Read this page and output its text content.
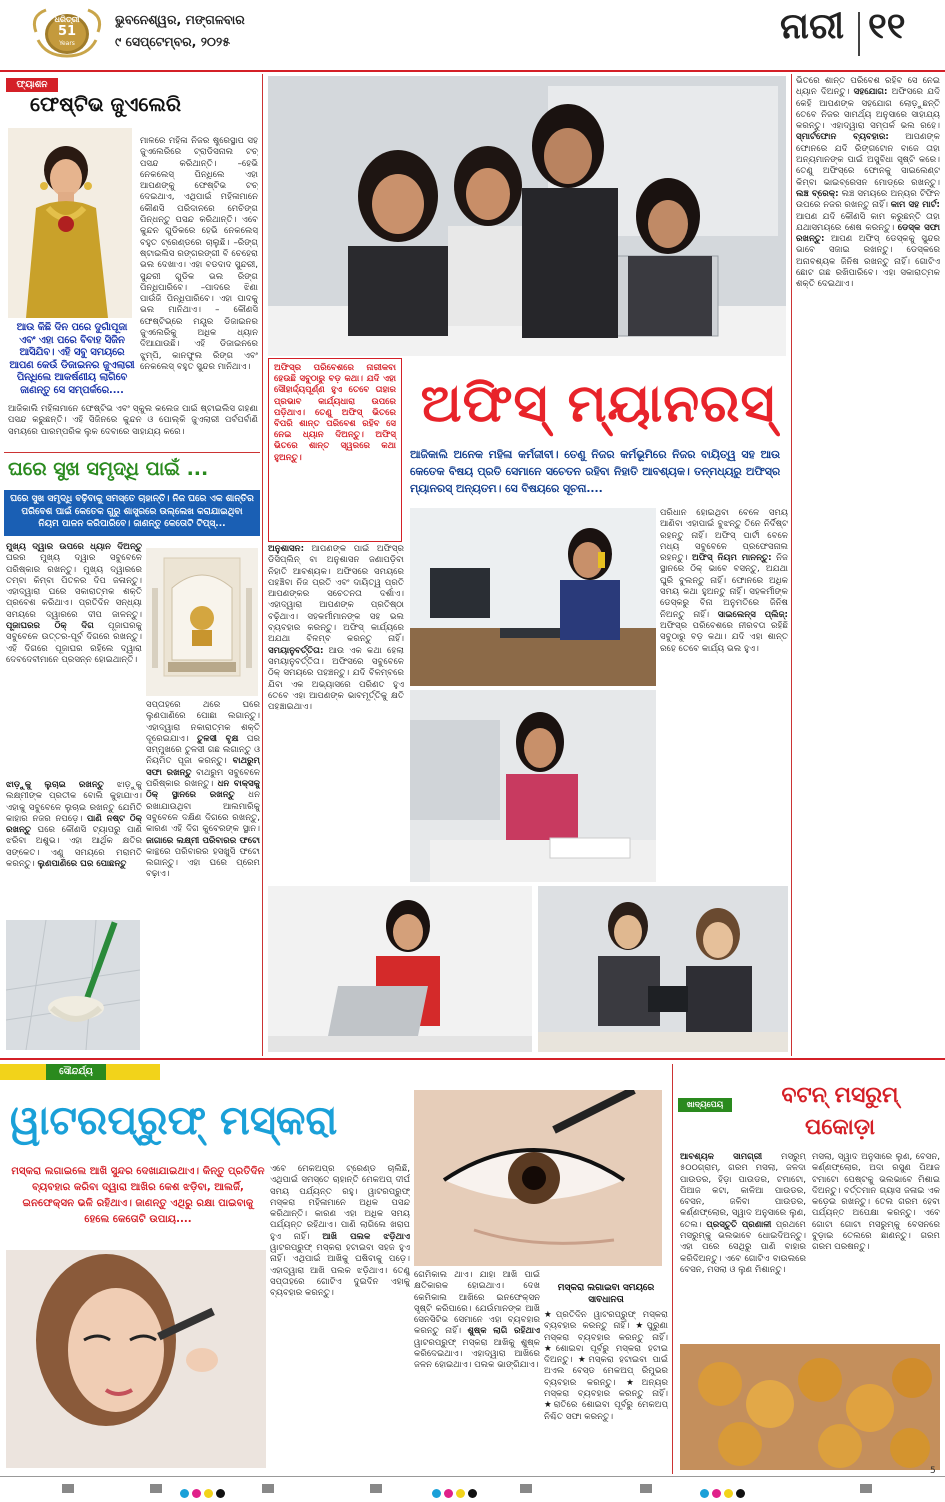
ଧରିତ୍ରୀ
51
Years
ଭୁବନେଶ୍ୱର, ମଙ୍ଗଳବାର
୯ ସେପ୍ଟେମ୍ବର, ୨୦୨୫	ନାରୀ ୧୧
ଫ୍ୟାଶନ
ଫେଷ୍ଟିଭ ଜୁଏଲେରି

ମାଳରେ ମହିଳା ନିଜର ଷ୍ଟ୍ରେସ୍ଥାପ ସହ ଜୁଏଲେରିରେ ଟ୍ରାଡିସନାଲ ଟଚ୍ ପସନ୍ଦ କରିଥାନ୍ତି। –ହେଭି ନେକଲେସ୍ ପିନ୍ଧିଲେ ଏହା ଆପଣଙ୍କୁ ଫେଷ୍ଟିଭ ଟଚ୍ ଦେଇଥାଏ, ଏଥିପାଇଁ ମହିଳାମାନେ କୌଣସି ପରିଦାନରେ ମେଚିଙ୍ଗ ପିନ୍ଧନ୍ତୁ ପସନ୍ଦ କରିଥାନ୍ତି। ଏବେ କୁନ୍ଦନ ଗୁଡିକରେ ହେଭି ନେକଲେସ୍ ବହୁତ ଟ୍ରେଣ୍ଡରେ ଚାଲୁଛି। –ରିଙ୍ଗ୍ ଷ୍ଟାଇଲିସ ରଙ୍ଗରଙ୍ଗୀ ବି ଚେହେରା ଭଲ ଦେଖାଏ। ଏହା ବଡଦାଦ ସୁନ୍ଦରୀ, ସୁନ୍ଦରୀ ଗୁଡିକ ଭଲ ରିଙ୍ଗ ପିନ୍ଧିପାରିବେ। –ପାଦରେ ଝିଣା ପାଉଁଜି ପିନ୍ଧିପାରିବେ। ଏହା ପାଦକୁ ଭଲ ମାନିଥାଏ। – କୌଣସି ଫେଷ୍ଟିଭ୍ରେ ମୟୂର ଡିଜାଇନର ଜୁଏଲେରିକୁ ଅଧିକ ଧ୍ୟାନ ଦିଆଯାଉଛି। ଏହି ଡିଜାଇନରେ ଝୁମ୍ପି, କାନଫୁଲ ରିଙ୍ଗ ଏବଂ ନେକଲେସ୍ ବହୁତ ସୁନ୍ଦର ମାନିଥାଏ।

ଆଉ କିଛି ଦିନ ପରେ ଦୁର୍ଗାପୂଜା ଏବଂ ଏହା ପରେ ବିବାହ ସିଜିନ ଆସିଯିବ। ଏହି ସବୁ ସମୟରେ ଆପଣ କେଉଁ ଡିଜାଇନର ଜୁଏଲାରୀ ପିନ୍ଧିଲେ ଆକର୍ଷଣୀୟ ଲାଗିବେ ଜାଣନ୍ତୁ ସେ ସମ୍ପର୍କରେ....

ଆଜିକାଲି ମହିଳାମାନେ ଫେଷ୍ଟିଭ ଏବଂ ସ୍କୁଲ କଲେଜ ପାଇଁ ଷ୍ଟାଇଲିସ ଗହଣା ପସନ୍ଦ କରୁଛନ୍ତି। ଏହି ସିଜିନରେ କୁନ୍ଦନ ଓ ପୋଲ୍କି ଜୁଏଲାରୀ ପର୍ବପର୍ବାଣି ସମୟରେ ପାରମ୍ପରିକ ଲୁକ ଦେବାରେ ସାହାଯ୍ୟ କରେ।

ଘରେ ସୁଖ ସମୃଦ୍ଧି ପାଇଁ ...
ଘରେ ସୁଖ ସମୃଦ୍ଧି ବଢ଼ିବାକୁ ସମସ୍ତେ ଚାହାନ୍ତି। ନିଜ ଘରେ ଏକ ଶାନ୍ତିର ପରିବେଶ ପାଇଁ କେତେକ ଗୁରୁ ଶାସ୍ତ୍ରରେ ଉଲ୍ଲେଖ କରାଯାଇଥିବା ନିୟମ ପାଳନ କରିପାରିବେ। ଜାଣନ୍ତୁ କେତୋଟି ଟିପ୍ସ୍...

ମୁଖ୍ୟ ଦ୍ୱାର ଉପରେ ଧ୍ୟାନ ଦିଅନ୍ତୁ ଘରର ମୁଖ୍ୟ ଦ୍ୱାର ସବୁବେଳେ ପରିଷ୍କାର ରଖନ୍ତୁ। ମୁଖ୍ୟ ଦ୍ୱାରରେ ତମ୍ବା କିମ୍ବା ପିତଳର ଦିପ ଜଳାନ୍ତୁ। ଏହାଦ୍ୱାରା ଘରେ ସକାରାତ୍ମକ ଶକ୍ତି ପ୍ରବେଶ କରିଥାଏ। ପ୍ରତିଦିନ ସନ୍ଧ୍ୟା ସମୟରେ ଦ୍ୱାରରେ ଦୀପ ଜାଳନ୍ତୁ। ପୂଜାଘରର ଠିକ୍ ଦିଗ ପୂଜାଘରକୁ ସବୁବେଳେ ଉତ୍ତର-ପୂର୍ବ ଦିଗରେ ରଖନ୍ତୁ। ଏହି ଦିଗରେ ପୂଜାଘର ରହିଲେ ଦ୍ୱାରା ଦେବଦେବୀମାନେ ପ୍ରସନ୍ନ ହୋଇଥାନ୍ତି।

ଝାଡ଼ୁକୁ ଲୁଚାଇ ରଖନ୍ତୁ ଝାଡ଼ୁକୁ ଲକ୍ଷ୍ମୀଙ୍କ ପ୍ରତୀକ ବୋଲି କୁହାଯାଏ। ଏହାକୁ ସବୁବେଳେ ଲୁଚାଇ ରଖନ୍ତୁ ଯେମିତି କାହାର ନଜର ନପଡ଼େ। ପାଣି ନଷ୍ଟ ଠିକ୍ ରଖନ୍ତୁ ଘରେ କୌଣସି ଟ୍ୟାପରୁ ପାଣି ଝରିବା ଅଶୁଭ। ଏହା ଆର୍ଥିକ କ୍ଷତିର ସଙ୍କେତ। ଏଣୁ ସମୟରେ ମରାମତି କରନ୍ତୁ। ଲୁଣପାଣିରେ ଘର ପୋଛନ୍ତୁ

ସପ୍ତାହରେ ଥରେ ଘରେ ଲୁଣପାଣିରେ ପୋଛା ଲଗାନ୍ତୁ। ଏହାଦ୍ୱାରା ନକାରାତ୍ମକ ଶକ୍ତି ଦୂରେଇଯାଏ। ତୁଳସୀ ବୃକ୍ଷ ଘର ସମ୍ମୁଖରେ ତୁଳସୀ ଗଛ ଲଗାନ୍ତୁ ଓ ନିୟମିତ ପୂଜା କରନ୍ତୁ। ବାଥରୁମ୍ ସଫା ରଖନ୍ତୁ ବାଥରୁମ ସବୁବେଳେ ପରିଷ୍କାର ରଖନ୍ତୁ। ଧନ ବାକ୍ସକୁ ଠିକ୍ ସ୍ଥାନରେ ରଖନ୍ତୁ ଧନ ରଖାଯାଉଥିବା ଆଲମାରିକୁ ସବୁବେଳେ ଦକ୍ଷିଣ ଦିଗରେ ରଖନ୍ତୁ, କାରଣ ଏହି ଦିଗ କୁବେରଙ୍କ ସ୍ଥାନ। ଜାଗାରେ ଲକ୍ଷ୍ମୀ ପରିବାରର ଫଟୋ କାନ୍ଥରେ ପରିବାରର ହସଖୁସି ଫଟୋ ଲଗାନ୍ତୁ। ଏହା ଘରେ ପ୍ରେମ ବଢ଼ାଏ।

ଅଫିସ୍ ମ୍ୟାନରସ୍
ଅଫିସ୍‌ର ପରିବେଶରେ ନାରୀକବା ହେଉଛି ସବୁଠାରୁ ବଡ଼ କଥା। ଯଦି ଏହା ସୌହାର୍ଦ୍ଦ୍ୟପୂର୍ଣ୍ଣ ହୁଏ ତେବେ ତାହାର ପ୍ରଭାବ କାର୍ଯ୍ୟଧାରା ଉପରେ ପଡ଼ିଥାଏ। ତେଣୁ ଅଫିସ୍ ଭିତରେ ବିପରି ଶାନ୍ତ ପରିବେଶ ରହିବ ସେ ନେଇ ଧ୍ୟାନ ଦିଅନ୍ତୁ। ଅଫିସ୍ ଭିତରେ ଶାନ୍ତ ସ୍ୱରରେ କଥା ହୁଅନ୍ତୁ।	ଆଜିକାଲି ଅନେକ ମହିଳା କର୍ମଜୀବୀ। ତେଣୁ ନିଜର କର୍ମଭୂମିରେ ନିଜର ବାୟିତ୍ୱ ସହ ଆଉ କେତେକ ବିଷୟ ପ୍ରତି ସେମାନେ ସଚେତନ ରହିବା ନିହାତି ଆବଶ୍ୟକ। ତନ୍ମଧ୍ୟରୁ ଅଫିସ୍‌ର ମ୍ୟାନରସ୍ ଅନ୍ୟତମ। ସେ ବିଷୟରେ ସୂଚନା....

ଅନୁଶାସନ: ଆପଣଙ୍କ ପାଇଁ ଅଫିସ୍‌ର ଡିସିପ୍ଲିନ୍ ବା ଅନୁଶାସନ ଜଣାପଡ଼ିବା ନିହାତି ଆବଶ୍ୟକ। ଅଫିସରେ ସମୟରେ ପହଞ୍ଚିବା ନିଜ ପ୍ରତି ଏବଂ ଦାୟିତ୍ୱ ପ୍ରତି ଆପଣଙ୍କର ସଚେତନତା ଦର୍ଶାଏ। ଏହାଦ୍ୱାରା ଆପଣଙ୍କ ପ୍ରତିଷ୍ଠା ବଢ଼ିଥାଏ। ସହକର୍ମୀମାନଙ୍କ ସହ ଭଲ ବ୍ୟବହାର କରନ୍ତୁ। ଅଫିସ୍ କାର୍ଯ୍ୟରେ ଅଯଥା ବିଳମ୍ବ କରନ୍ତୁ ନାହିଁ। ସମୟାନୁବର୍ତ୍ତିତା: ଆଉ ଏକ କଥା ହେଲା ସମୟାନୁବର୍ତ୍ତିତା। ଅଫିସରେ ସବୁବେଳେ ଠିକ୍ ସମୟରେ ପହଞ୍ଚନ୍ତୁ। ଯଦି ବିଳମ୍ବରେ ଯିବା ଏକ ଅଭ୍ୟାସରେ ପରିଣତ ହୁଏ ତେବେ ଏହା ଆପଣଙ୍କ ଭାବମୂର୍ତ୍ତିକୁ କ୍ଷତି ପହଞ୍ଚାଇଥାଏ।

ପରିଧାନ ହୋଇଥିବା ବେଳେ ସମୟ ଆଣିବା ଏହାପାଇଁ ବୁଝନ୍ତୁ ତିନେ ନିର୍ଦିଷ୍ଟ ରହନ୍ତୁ ନାହିଁ। ଅଫିସ୍ ପାର୍ଟୀ ବେଳେ ମଧ୍ୟ ସବୁବେଳେ ପ୍ରଫେସନାଲ ରହନ୍ତୁ। ଅଫିସ୍ ନିୟମ ମାନନ୍ତୁ: ନିଜ ସ୍ଥାନରେ ଠିକ୍ ଭାବେ ବସନ୍ତୁ, ଅଯଥା ଘୁରି ବୁଲନ୍ତୁ ନାହିଁ। ଫୋନରେ ଅଧିକ ସମୟ କଥା ହୁଅନ୍ତୁ ନାହିଁ। ସହକର୍ମୀଙ୍କ ଡେସ୍କରୁ ବିନା ଅନୁମତିରେ ଜିନିଷ ନିଅନ୍ତୁ ନାହିଁ। ସାଇଲେନ୍ସ ପ୍ଲିଜ୍: ଅଫିସ୍‌ର ପରିବେଶରେ ନୀରବତା ରହିଛି ସବୁଠାରୁ ବଡ଼ କଥା। ଯଦି ଏହା ଶାନ୍ତ ରହେ ତେବେ କାର୍ଯ୍ୟ ଭଲ ହୁଏ।

ଭିତରେ ଶାନ୍ତ ପରିବେଶ ରହିବ ସେ ନେଇ ଧ୍ୟାନ ଦିଅନ୍ତୁ। ସହଯୋଗ: ଅଫିସରେ ଯଦି କେହି ଆପଣଙ୍କ ସହଯୋଗ ଲୋଡ଼ୁଛନ୍ତି ତେବେ ନିଜର ସାମର୍ଥ୍ୟ ଅନୁସାରେ ସାହାଯ୍ୟ କରନ୍ତୁ। ଏହାଦ୍ୱାରା ସମ୍ପର୍କ ଭଲ ରହେ। ସ୍ମାର୍ଟଫୋନ ବ୍ୟବହାର: ଆପଣଙ୍କ ଫୋନରେ ଯଦି ରିଙ୍ଗଟୋନ ବାଜେ ତାହା ଅନ୍ୟମାନଙ୍କ ପାଇଁ ଅସୁବିଧା ସୃଷ୍ଟି କରେ। ତେଣୁ ଅଫିସ୍‌ରେ ଫୋନକୁ ସାଇଲେଣ୍ଟ କିମ୍ବା ଭାଇବ୍ରେସନ ମୋଡ୍‌ରେ ରଖନ୍ତୁ। ଲଞ୍ଚ ବ୍ରେକ୍: ଲଞ୍ଚ ସମୟରେ ଅନ୍ୟର ଟିଫିନ ଉପରେ ନଜର ରଖନ୍ତୁ ନାହିଁ। କାମ ସହ ମାର୍ଟ: ଆପଣ ଯଦି କୌଣସି କାମ କରୁଛନ୍ତି ତାହା ଯଥାସମୟରେ ଶେଷ କରନ୍ତୁ। ଡେସ୍କ ସଫା ରଖନ୍ତୁ: ଆପଣ ଅଫିସ୍ ଡେସ୍କକୁ ସୁନ୍ଦର ଭାବେ ସଜାଇ ରଖନ୍ତୁ। ଡେସ୍କରେ ଅନାବଶ୍ୟକ ଜିନିଷ ରଖନ୍ତୁ ନାହିଁ। ଗୋଟିଏ ଛୋଟ ଗଛ ରଖିପାରିବେ। ଏହା ସକାରାତ୍ମକ ଶକ୍ତି ଦେଇଥାଏ।

ସୌନ୍ଦର୍ଯ୍ୟ
ୱାଟରପ୍ରୁଫ୍ ମସ୍କରା
ମସ୍କରା ଲଗାଇଲେ ଆଖି ସୁନ୍ଦର ଦେଖାଯାଇଥାଏ। କିନ୍ତୁ ପ୍ରତିଦିନ ବ୍ୟବହାର କରିବା ଦ୍ୱାରା ଆଖିର କେଶ ଝଡ଼ିବା, ଆଲର୍ଜି, ଇନଫେକ୍ସନ ଭଳି ରହିଥାଏ। ଜାଣନ୍ତୁ ଏଥିରୁ ରକ୍ଷା ପାଇବାକୁ ହେଲେ କେତୋଟି ଉପାୟ....

ଏବେ ମେକଅପ୍‌ର ଟ୍ରେଣ୍ଡ ଚାଲିଛି, ଏଥିପାଇଁ ସମସ୍ତେ ଚାହାନ୍ତି ମେକଅପ୍ ଦୀର୍ଘ ସମୟ ପର୍ଯ୍ୟନ୍ତ ରହୁ। ୱାଟରପ୍ରୁଫ୍ ମସ୍କରା ମହିଳାମାନେ ଅଧିକ ପସନ୍ଦ କରିଥାନ୍ତି। କାରଣ ଏହା ଅଧିକ ସମୟ ପର୍ଯ୍ୟନ୍ତ ରହିଥାଏ। ପାଣି ଲାଗିଲେ ଖରାପ ହୁଏ ନାହିଁ। ଆଖି ପଲକ ଝଡ଼ିଥାଏ ୱାଟରପ୍ରୁଫ୍ ମସ୍କରା ହଟାଇବା ସହଜ ହୁଏ ନାହିଁ। ଏଥିପାଇଁ ଆଖିକୁ ଘଷିବାକୁ ପଡ଼େ। ଏହାଦ୍ୱାରା ଆଖି ପଲକ ଝଡ଼ିଥାଏ। ତେଣୁ ସପ୍ତାହରେ ଗୋଟିଏ ଦୁଇଦିନ ଏହାକୁ ବ୍ୟବହାର କରନ୍ତୁ।

ଗେମିକାଲ ଥାଏ। ଯାହା ଆଖି ପାଇଁ କ୍ଷତିକାରକ ହୋଇଥାଏ। ଦେଖ କେମିକାଲ ଆଖିରେ ଇନଫେକ୍ସନ ସୃଷ୍ଟି କରିପାରେ। ଯେଉଁମାନଙ୍କ ଆଖି ସେନସିଟିଭ ସେମାନେ ଏହା ବ୍ୟବହାର କରନ୍ତୁ ନାହିଁ। ଶୁଷ୍କ ଲାଗି ରହିଥାଏ ୱାଟରପ୍ରୁଫ୍ ମସ୍କରା ଆଖିକୁ ଶୁଷ୍କ କରିଦେଇଥାଏ। ଏହାଦ୍ୱାରା ଆଖିରେ ଜଳନ ହୋଇଥାଏ। ପଲକ ଭାଙ୍ଗିଯାଏ।

ମସ୍କରା ଲଗାଇବା ସମୟରେ ସାବଧାନତା
★ପ୍ରତିଦିନ ୱାଟରପ୍ରୁଫ୍ ମସ୍କରା ବ୍ୟବହାର କରନ୍ତୁ ନାହିଁ। ★ପୁରୁଣା ମସ୍କରା ବ୍ୟବହାର କରନ୍ତୁ ନାହିଁ। ★ଶୋଇବା ପୂର୍ବରୁ ମସ୍କରା ହଟାଇ ଦିଅନ୍ତୁ। ★ମସ୍କରା ହଟାଇବା ପାଇଁ ଅଏଲ ବେସ୍ଡ ମେକଅପ୍ ରିମୁଭର ବ୍ୟବହାର କରନ୍ତୁ। ★ଅନ୍ୟର ମସ୍କରା ବ୍ୟବହାର କରନ୍ତୁ ନାହିଁ। ★ରାତିରେ ଶୋଇବା ପୂର୍ବରୁ ମେକଅପ୍ ନିଶ୍ଚିତ ସଫା କରନ୍ତୁ।
ଖାଦ୍ୟପେୟ	ବଟନ୍ ମସରୁମ୍
ପକୋଡ଼ା

ଆବଶ୍ୟକ ସାମଗ୍ରୀ ମସରୁମ୍ ୫୦୦ଗ୍ରାମ୍, ଗରମ ମସଲା, ଜଳଦା ପାଉଡର, ହିଡ଼ା ପାଉଡର, ଟମାଟୋ, ପିଆଜ କଟା, କାଳିଆ ପାଉଡର, ବେସନ, ଜଳିବା ପାଉଡର, କର୍ଣ୍ଣଫ୍ଲୋର, ସ୍ୱାଦ ଅନୁସାରେ ଲୁଣ, ତେଲ। ପ୍ରସ୍ତୁତି ପ୍ରଣାଳୀ ପ୍ରଥମେ ମସରୁମ୍‌କୁ ଭଲଭାବେ ଧୋଇଦିଅନ୍ତୁ। ଏହା ପରେ ସେଥିରୁ ପାଣି ବାହାର କରିଦିଅନ୍ତୁ। ଏବେ ଗୋଟିଏ ବାଉଲରେ ବେସନ, ମସଲା ଓ ଲୁଣ ମିଶାନ୍ତୁ।

ମସଲା, ସ୍ୱାଦ ଅନୁସାରେ ଲୁଣ, ବେସନ, କର୍ଣ୍ଣଫ୍ଲୋର, ଅଦା ରସୁଣ ପିଆଜ ଟମାଟୋ ପେଷ୍ଟକୁ ଭଲଭାବେ ମିଶାଇ ଦିଅନ୍ତୁ। ବର୍ତ୍ତମାନ ଗ୍ୟାସ ଜଳାଇ ଏକ କଡ଼େଇ ରଖନ୍ତୁ। ତେଲ ଗରମ ହେବା ପର୍ଯ୍ୟନ୍ତ ଅପେକ୍ଷା କରନ୍ତୁ। ଏବେ ଗୋଟା ଗୋଟା ମସରୁମ୍‌କୁ ବେସନରେ ବୁଡ଼ାଇ ତେଲରେ ଛାଣନ୍ତୁ। ଗରମ ଗରମ ପରଷନ୍ତୁ।

5
